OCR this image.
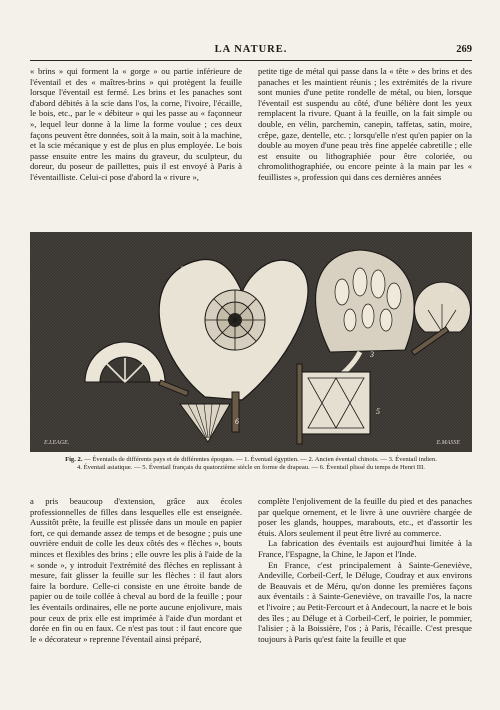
LA NATURE.	269

« brins » qui forment la « gorge » ou partie inférieure de l'éventail et des « maîtres-brins » qui protègent la feuille lorsque l'éventail est fermé. Les brins et les panaches sont d'abord débités à la scie dans l'os, la corne, l'ivoire, l'écaille, le bois, etc., par le « débiteur » qui les passe au « façonneur », lequel leur donne à la lime la forme voulue ; ces deux façons peuvent être données, soit à la main, soit à la machine, et la scie mécanique y est de plus en plus employée. Le bois passe ensuite entre les mains du graveur, du sculpteur, du doreur, du poseur de paillettes, puis il est envoyé à Paris à l'éventailliste. Celui-ci pose d'abord la « rivure »,

petite tige de métal qui passe dans la « tête » des brins et des panaches et les maintient réunis ; les extrémités de la rivure sont munies d'une petite rondelle de métal, ou bien, lorsque l'éventail est suspendu au côté, d'une bélière dont les yeux remplacent la rivure. Quant à la feuille, on la fait simple ou double, en vélin, parchemin, canepin, taffetas, satin, moire, crêpe, gaze, dentelle, etc. ; lorsqu'elle n'est qu'en papier on la double au moyen d'une peau très fine appelée cabretille ; elle est ensuite ou lithographiée pour être coloriée, ou chromolithographiée, ou encore peinte à la main par les « feuillistes », profession qui dans ces dernières années

1
2
3
4
5
6
E.LEAGE.	E.MASSE
Fig. 2. — Éventails de différents pays et de différentes époques. — 1. Éventail égyptien. — 2. Ancien éventail chinois. — 3. Éventail indien.
4. Éventail asiatique. — 5. Éventail français du quatorzième siècle en forme de drapeau. — 6. Éventail plissé du temps de Henri III.

a pris beaucoup d'extension, grâce aux écoles professionnelles de filles dans lesquelles elle est enseignée. Aussitôt prête, la feuille est plissée dans un moule en papier fort, ce qui demande assez de temps et de besogne ; puis une ouvrière enduit de colle les deux côtés des « flèches », bouts minces et flexibles des brins ; elle ouvre les plis à l'aide de la « sonde », y introduit l'extrémité des flèches en replissant à mesure, fait glisser la feuille sur les flèches : il faut alors faire la bordure. Celle-ci consiste en une étroite bande de papier ou de toile collée à cheval au bord de la feuille ; pour les éventails ordinaires, elle ne porte aucune enjolivure, mais pour ceux de prix elle est imprimée à l'aide d'un mordant et dorée en fin ou en faux. Ce n'est pas tout : il faut encore que le « décorateur » reprenne l'éventail ainsi préparé,

complète l'enjolivement de la feuille du pied et des panaches par quelque ornement, et le livre à une ouvrière chargée de poser les glands, houppes, marabouts, etc., et d'assortir les étuis. Alors seulement il peut être livré au commerce.

La fabrication des éventails est aujourd'hui limitée à la France, l'Espagne, la Chine, le Japon et l'Inde.

En France, c'est principalement à Sainte-Geneviève, Andeville, Corbeil-Cerf, le Déluge, Coudray et aux environs de Beauvais et de Méru, qu'on donne les premières façons aux éventails : à Sainte-Geneviève, on travaille l'os, la nacre et l'ivoire ; au Petit-Fercourt et à Andecourt, la nacre et le bois des îles ; au Déluge et à Corbeil-Cerf, le poirier, le pommier, l'alisier ; à la Boissière, l'os ; à Paris, l'écaille. C'est presque toujours à Paris qu'est faite la feuille et que
